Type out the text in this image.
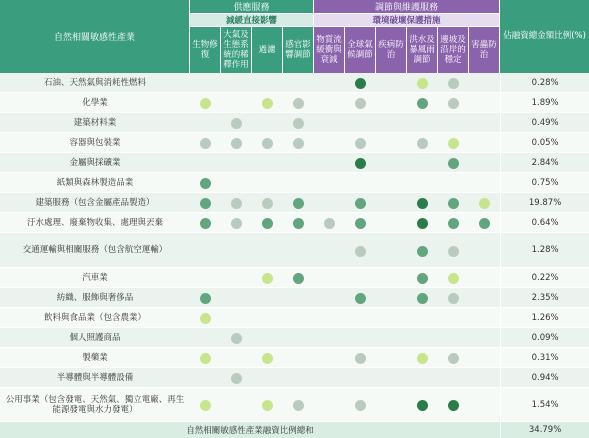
自然相關敏感性產業	供應服務				調節與維護服務						佔融資總金額比例(%)
	減緩直接影響				環境破壞保護措施						
	生物修復	大氣及生態系統的稀釋作用	過濾	感官影響調節	物質流緩衝與衰減	全球氣候調節	疾病防治	洪水及暴風雨調節	邊坡及沿岸的穩定	害蟲防治	
石油、天然氣與消耗性燃料											0.28%
化學業											1.89%
建築材料業											0.49%
容器與包裝業											0.05%
金屬與採礦業											2.84%
紙類與森林製造品業											0.75%
建築服務（包含金屬產品製造）											19.87%
汙水處理、廢棄物收集、處理與丟棄											0.64%
交通運輸與相關服務（包含航空運輸）											1.28%
汽車業											0.22%
紡織、服飾與奢侈品											2.35%
飲料與食品業（包含農業）											1.26%
個人照護商品											0.09%
製藥業											0.31%
半導體與半導體設備											0.94%
公用事業（包含發電、天然氣、獨立電廠、再生能源發電與水力發電）											1.54%
自然相關敏感性產業融資比例總和											34.79%
